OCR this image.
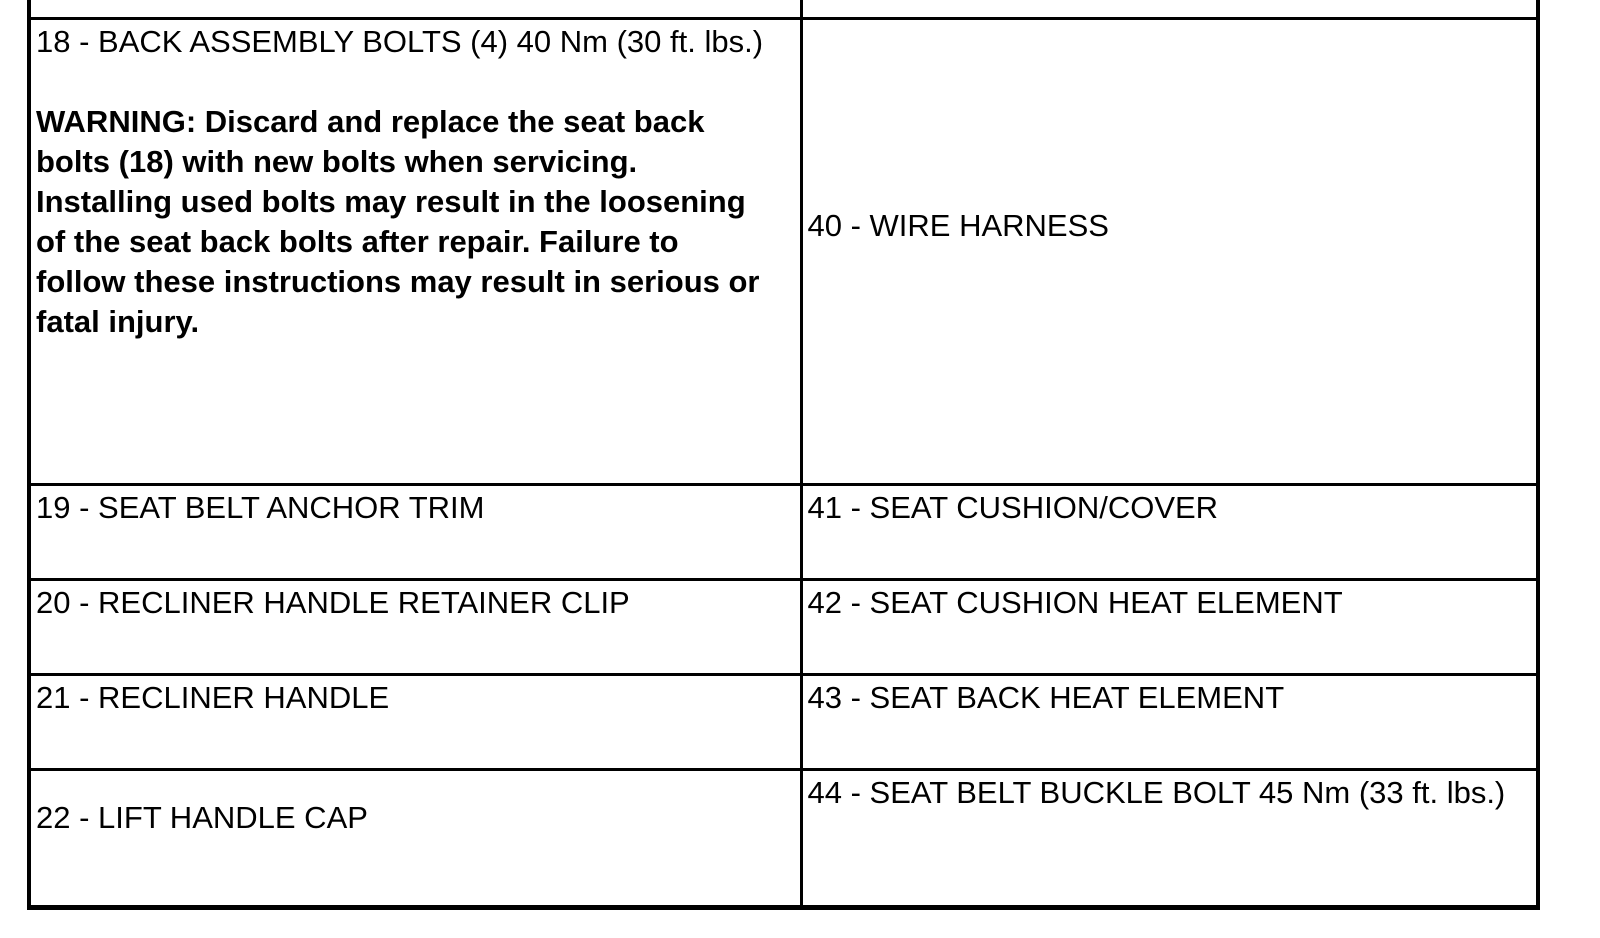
18 - BACK ASSEMBLY BOLTS (4) 40 Nm (30 ft. lbs.)
WARNING: Discard and replace the seat back bolts (18) with new bolts when servicing. Installing used bolts may result in the loosening of the seat back bolts after repair. Failure to follow these instructions may result in serious or fatal injury.	40 - WIRE HARNESS

19 - SEAT BELT ANCHOR TRIM	41 - SEAT CUSHION/COVER

20 - RECLINER HANDLE RETAINER CLIP	42 - SEAT CUSHION HEAT ELEMENT

21 - RECLINER HANDLE	43 - SEAT BACK HEAT ELEMENT

22 - LIFT HANDLE CAP	44 - SEAT BELT BUCKLE BOLT 45 Nm (33 ft. lbs.)
